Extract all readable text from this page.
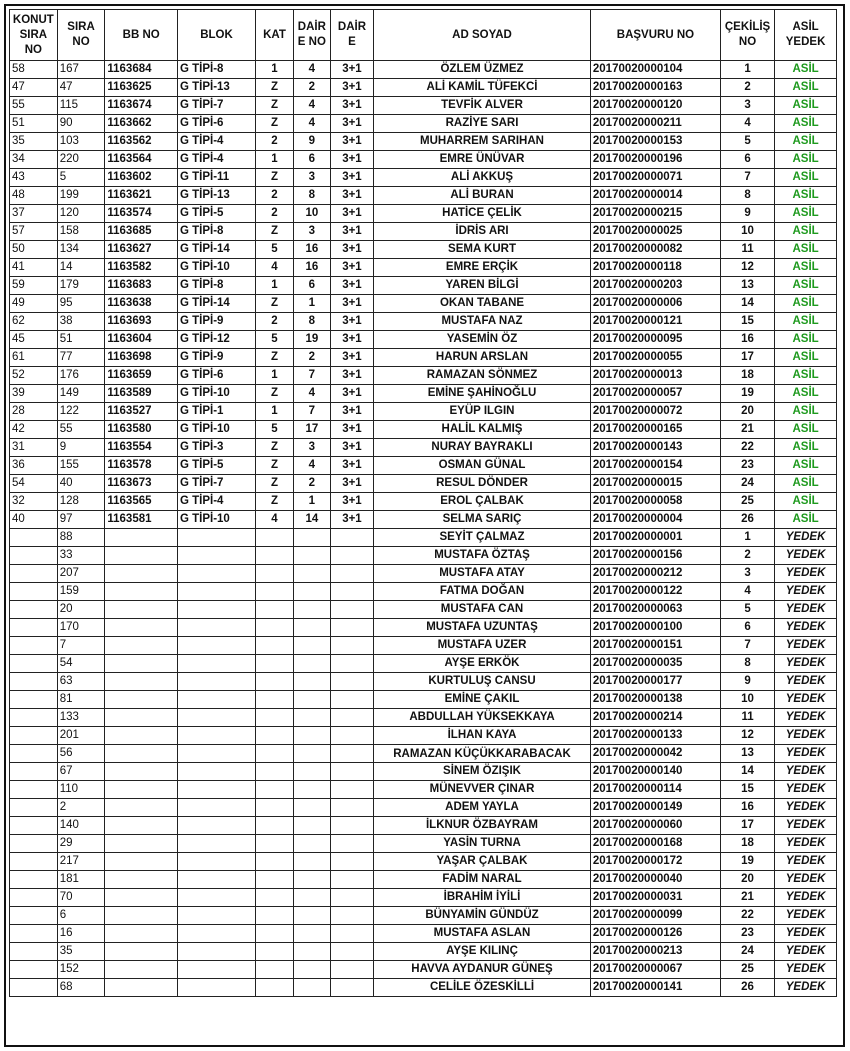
KONUT SIRA NO	SIRA NO	BB NO	BLOK	KAT	DAİR E NO	DAİR E	AD SOYAD	BAŞVURU NO	ÇEKİLİŞ NO	ASİL YEDEK
58	167	1163684	G TİPİ-8	1	4	3+1	ÖZLEM ÜZMEZ	20170020000104	1	ASİL
47	47	1163625	G TİPİ-13	Z	2	3+1	ALİ KAMİL TÜFEKCİ	20170020000163	2	ASİL
55	115	1163674	G TİPİ-7	Z	4	3+1	TEVFİK ALVER	20170020000120	3	ASİL
51	90	1163662	G TİPİ-6	Z	4	3+1	RAZİYE SARI	20170020000211	4	ASİL
35	103	1163562	G TİPİ-4	2	9	3+1	MUHARREM SARIHAN	20170020000153	5	ASİL
34	220	1163564	G TİPİ-4	1	6	3+1	EMRE ÜNÜVAR	20170020000196	6	ASİL
43	5	1163602	G TİPİ-11	Z	3	3+1	ALİ AKKUŞ	20170020000071	7	ASİL
48	199	1163621	G TİPİ-13	2	8	3+1	ALİ BURAN	20170020000014	8	ASİL
37	120	1163574	G TİPİ-5	2	10	3+1	HATİCE ÇELİK	20170020000215	9	ASİL
57	158	1163685	G TİPİ-8	Z	3	3+1	İDRİS ARI	20170020000025	10	ASİL
50	134	1163627	G TİPİ-14	5	16	3+1	SEMA KURT	20170020000082	11	ASİL
41	14	1163582	G TİPİ-10	4	16	3+1	EMRE ERÇİK	20170020000118	12	ASİL
59	179	1163683	G TİPİ-8	1	6	3+1	YAREN BİLGİ	20170020000203	13	ASİL
49	95	1163638	G TİPİ-14	Z	1	3+1	OKAN TABANE	20170020000006	14	ASİL
62	38	1163693	G TİPİ-9	2	8	3+1	MUSTAFA NAZ	20170020000121	15	ASİL
45	51	1163604	G TİPİ-12	5	19	3+1	YASEMİN ÖZ	20170020000095	16	ASİL
61	77	1163698	G TİPİ-9	Z	2	3+1	HARUN ARSLAN	20170020000055	17	ASİL
52	176	1163659	G TİPİ-6	1	7	3+1	RAMAZAN SÖNMEZ	20170020000013	18	ASİL
39	149	1163589	G TİPİ-10	Z	4	3+1	EMİNE ŞAHİNOĞLU	20170020000057	19	ASİL
28	122	1163527	G TİPİ-1	1	7	3+1	EYÜP ILGIN	20170020000072	20	ASİL
42	55	1163580	G TİPİ-10	5	17	3+1	HALİL KALMIŞ	20170020000165	21	ASİL
31	9	1163554	G TİPİ-3	Z	3	3+1	NURAY BAYRAKLI	20170020000143	22	ASİL
36	155	1163578	G TİPİ-5	Z	4	3+1	OSMAN GÜNAL	20170020000154	23	ASİL
54	40	1163673	G TİPİ-7	Z	2	3+1	RESUL DÖNDER	20170020000015	24	ASİL
32	128	1163565	G TİPİ-4	Z	1	3+1	EROL ÇALBAK	20170020000058	25	ASİL
40	97	1163581	G TİPİ-10	4	14	3+1	SELMA SARIÇ	20170020000004	26	ASİL
	88						SEYİT ÇALMAZ	20170020000001	1	YEDEK
	33						MUSTAFA ÖZTAŞ	20170020000156	2	YEDEK
	207						MUSTAFA ATAY	20170020000212	3	YEDEK
	159						FATMA DOĞAN	20170020000122	4	YEDEK
	20						MUSTAFA CAN	20170020000063	5	YEDEK
	170						MUSTAFA UZUNTAŞ	20170020000100	6	YEDEK
	7						MUSTAFA UZER	20170020000151	7	YEDEK
	54						AYŞE ERKÖK	20170020000035	8	YEDEK
	63						KURTULUŞ CANSU	20170020000177	9	YEDEK
	81						EMİNE ÇAKIL	20170020000138	10	YEDEK
	133						ABDULLAH YÜKSEKKAYA	20170020000214	11	YEDEK
	201						İLHAN KAYA	20170020000133	12	YEDEK
	56						RAMAZAN KÜÇÜKKARABACAK	20170020000042	13	YEDEK
	67						SİNEM ÖZIŞIK	20170020000140	14	YEDEK
	110						MÜNEVVER ÇINAR	20170020000114	15	YEDEK
	2						ADEM YAYLA	20170020000149	16	YEDEK
	140						İLKNUR ÖZBAYRAM	20170020000060	17	YEDEK
	29						YASİN TURNA	20170020000168	18	YEDEK
	217						YAŞAR ÇALBAK	20170020000172	19	YEDEK
	181						FADİM NARAL	20170020000040	20	YEDEK
	70						İBRAHİM İYİLİ	20170020000031	21	YEDEK
	6						BÜNYAMİN GÜNDÜZ	20170020000099	22	YEDEK
	16						MUSTAFA ASLAN	20170020000126	23	YEDEK
	35						AYŞE KILINÇ	20170020000213	24	YEDEK
	152						HAVVA AYDANUR GÜNEŞ	20170020000067	25	YEDEK
	68						CELİLE ÖZESKİLLİ	20170020000141	26	YEDEK
